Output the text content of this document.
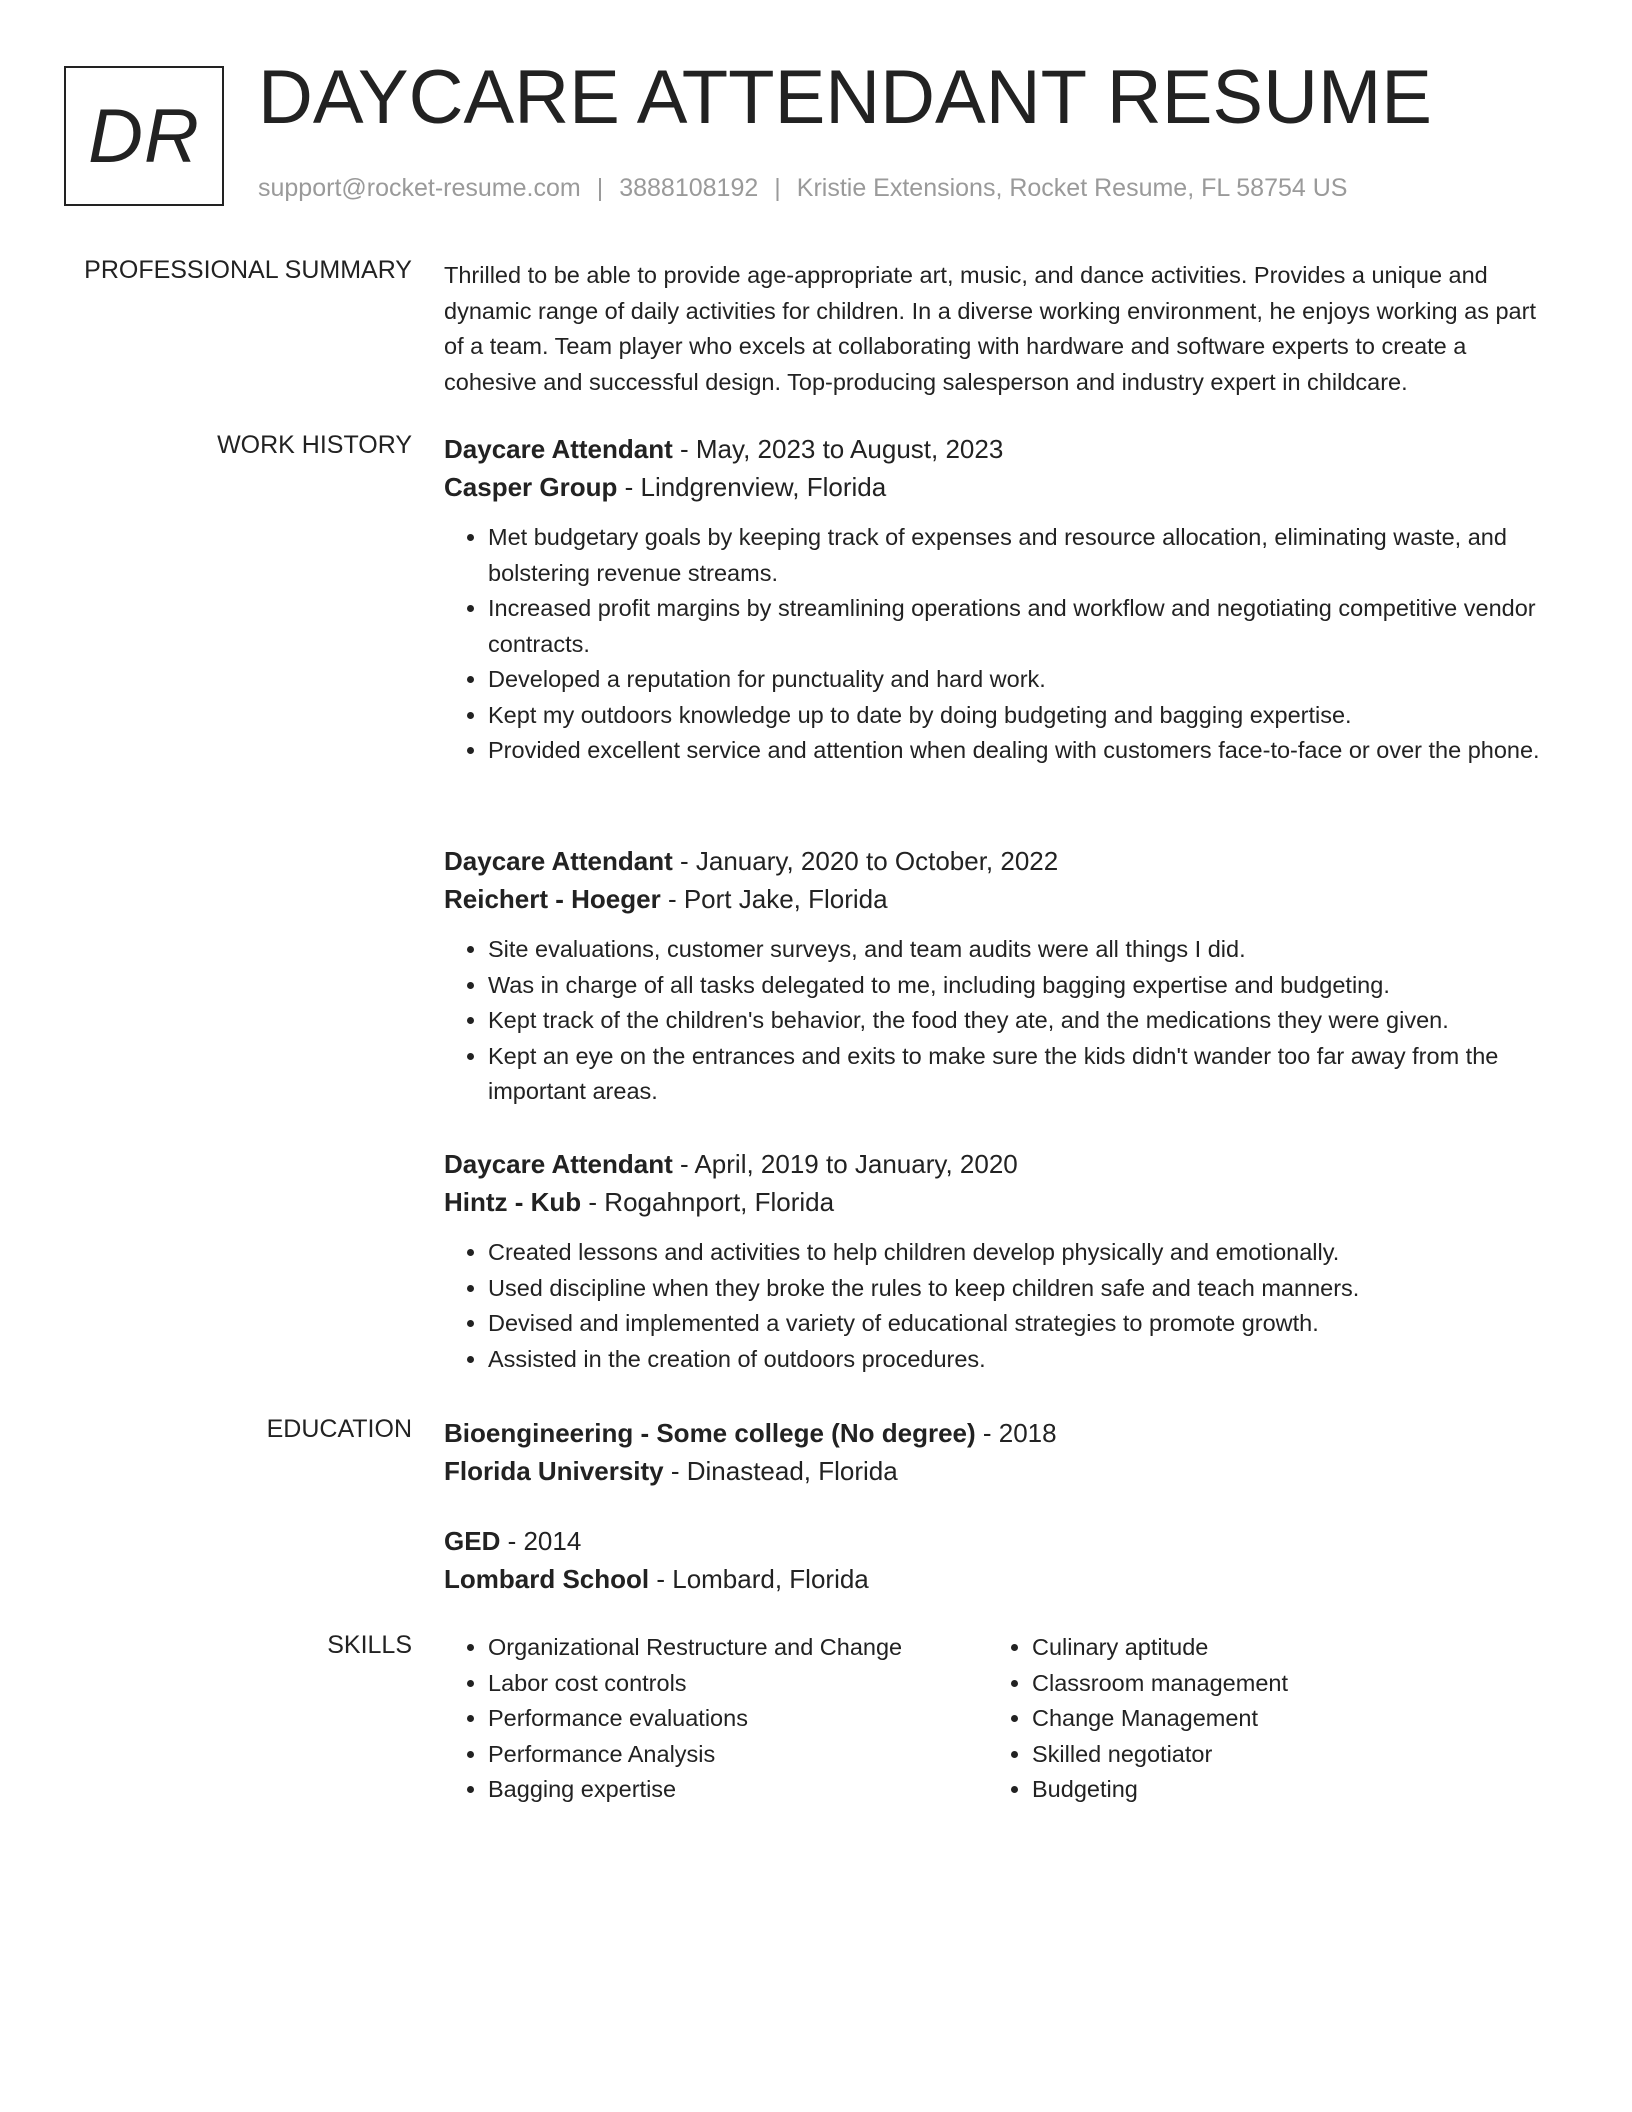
DR DAYCARE ATTENDANT RESUME
support@rocket-resume.com | 3888108192 | Kristie Extensions, Rocket Resume, FL 58754 US
PROFESSIONAL SUMMARY Thrilled to be able to provide age-appropriate art, music, and dance activities. Provides a unique and dynamic range of daily activities for children. In a diverse working environment, he enjoys working as part of a team. Team player who excels at collaborating with hardware and software experts to create a cohesive and successful design. Top-producing salesperson and industry expert in childcare.
WORK HISTORY Daycare Attendant - May, 2023 to August, 2023
Casper Group - Lindgrenview, Florida
• Met budgetary goals by keeping track of expenses and resource allocation, eliminating waste, and bolstering revenue streams.
• Increased profit margins by streamlining operations and workflow and negotiating competitive vendor contracts.
• Developed a reputation for punctuality and hard work.
• Kept my outdoors knowledge up to date by doing budgeting and bagging expertise.
• Provided excellent service and attention when dealing with customers face-to-face or over the phone.
Daycare Attendant - January, 2020 to October, 2022
Reichert - Hoeger - Port Jake, Florida
• Site evaluations, customer surveys, and team audits were all things I did.
• Was in charge of all tasks delegated to me, including bagging expertise and budgeting.
• Kept track of the children's behavior, the food they ate, and the medications they were given.
• Kept an eye on the entrances and exits to make sure the kids didn't wander too far away from the important areas.
Daycare Attendant - April, 2019 to January, 2020
Hintz - Kub - Rogahnport, Florida
• Created lessons and activities to help children develop physically and emotionally.
• Used discipline when they broke the rules to keep children safe and teach manners.
• Devised and implemented a variety of educational strategies to promote growth.
• Assisted in the creation of outdoors procedures.
EDUCATION Bioengineering - Some college (No degree) - 2018
Florida University - Dinastead, Florida
GED - 2014
Lombard School - Lombard, Florida
SKILLS
•	Organizational Restructure and Change
• Labor cost controls
• Performance evaluations
• Performance Analysis
• Bagging expertise
• Culinary aptitude
• Classroom management
• Change Management
• Skilled negotiator
• Budgeting
